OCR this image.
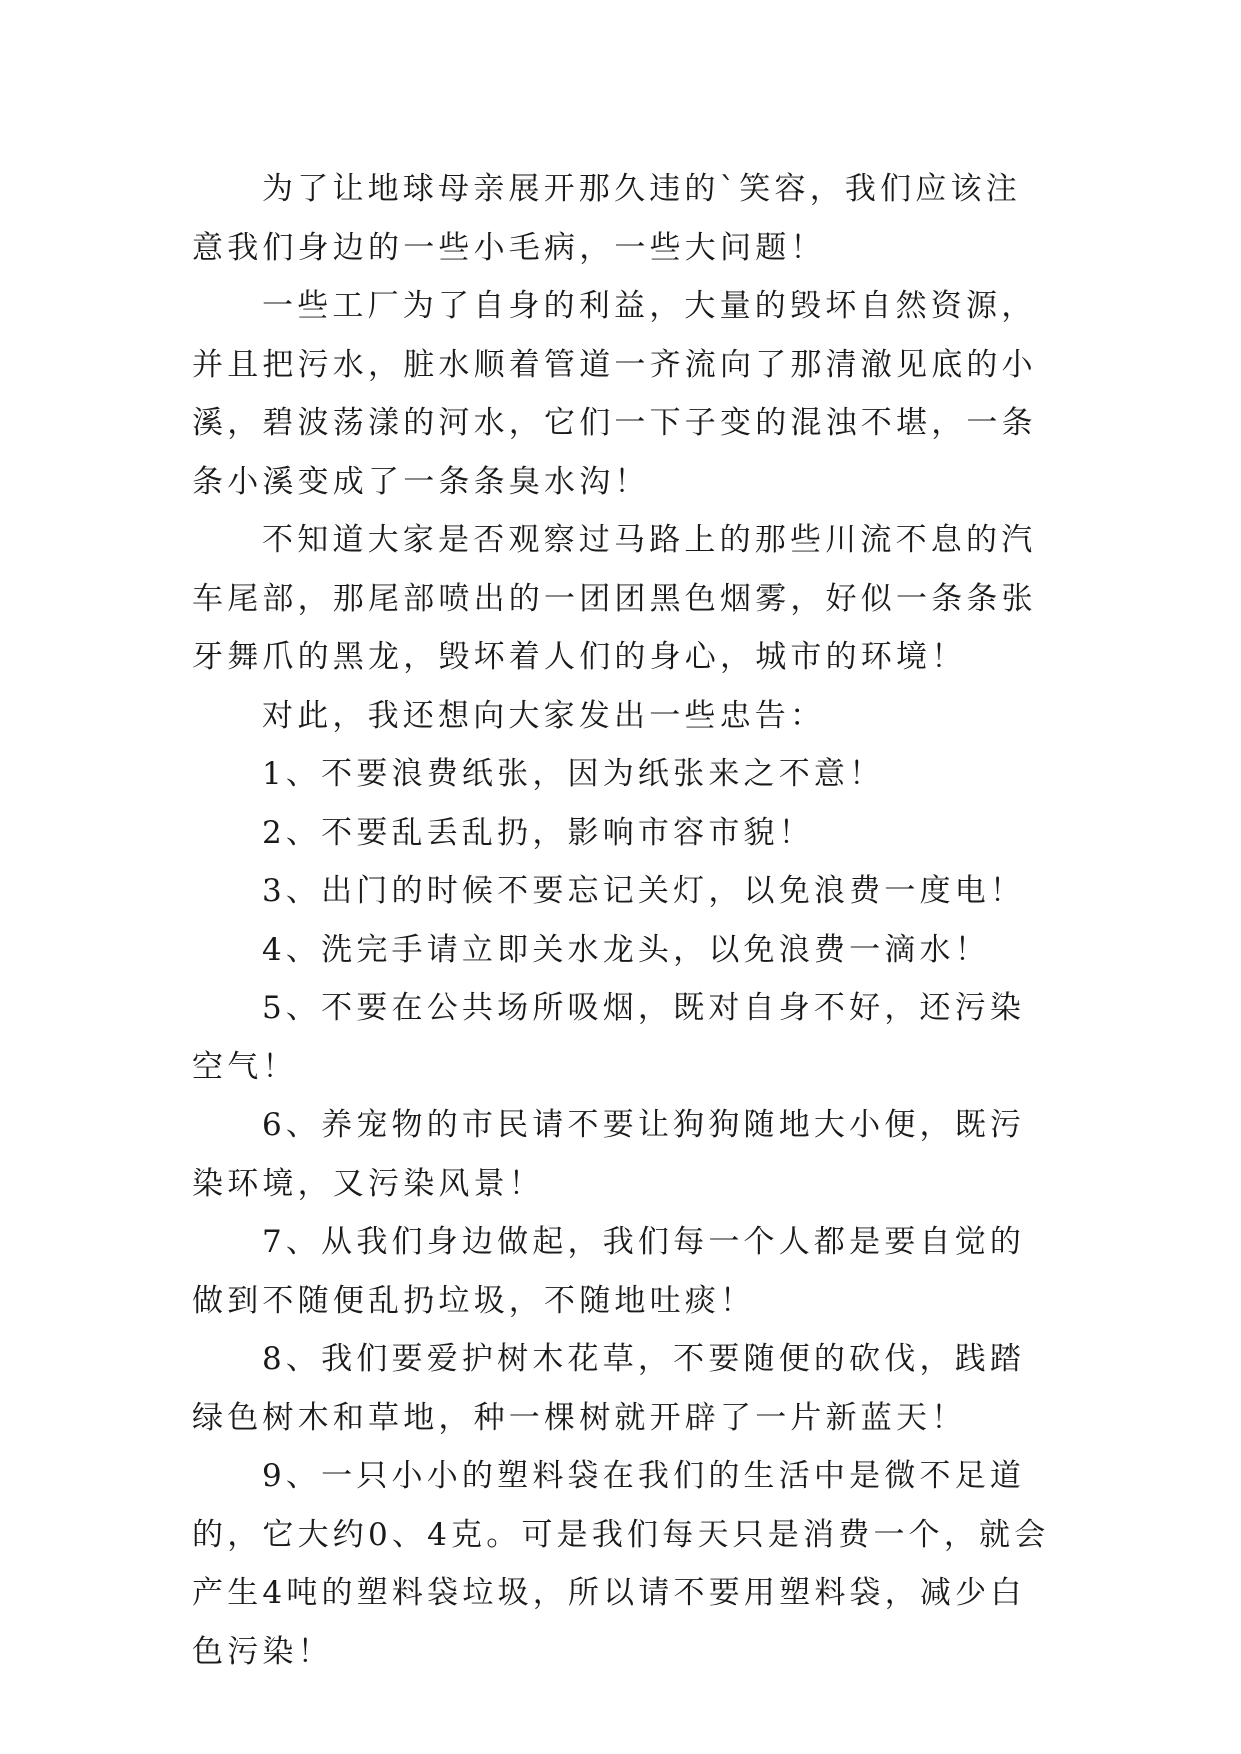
为了让地球母亲展开那久违的`笑容，我们应该注意我们身边的一些小毛病，一些大问题！

一些工厂为了自身的利益，大量的毁坏自然资源，并且把污水，脏水顺着管道一齐流向了那清澈见底的小溪，碧波荡漾的河水，它们一下子变的混浊不堪，一条条小溪变成了一条条臭水沟！

不知道大家是否观察过马路上的那些川流不息的汽车尾部，那尾部喷出的一团团黑色烟雾，好似一条条张牙舞爪的黑龙，毁坏着人们的身心，城市的环境！

对此，我还想向大家发出一些忠告：

1、不要浪费纸张，因为纸张来之不意！

2、不要乱丢乱扔，影响市容市貌！

3、出门的时候不要忘记关灯，以免浪费一度电！

4、洗完手请立即关水龙头，以免浪费一滴水！

5、不要在公共场所吸烟，既对自身不好，还污染空气！

6、养宠物的市民请不要让狗狗随地大小便，既污染环境，又污染风景！

7、从我们身边做起，我们每一个人都是要自觉的做到不随便乱扔垃圾，不随地吐痰！

8、我们要爱护树木花草，不要随便的砍伐，践踏绿色树木和草地，种一棵树就开辟了一片新蓝天！

9、一只小小的塑料袋在我们的生活中是微不足道的，它大约0、4克。可是我们每天只是消费一个，就会产生4吨的塑料袋垃圾，所以请不要用塑料袋，减少白色污染！
